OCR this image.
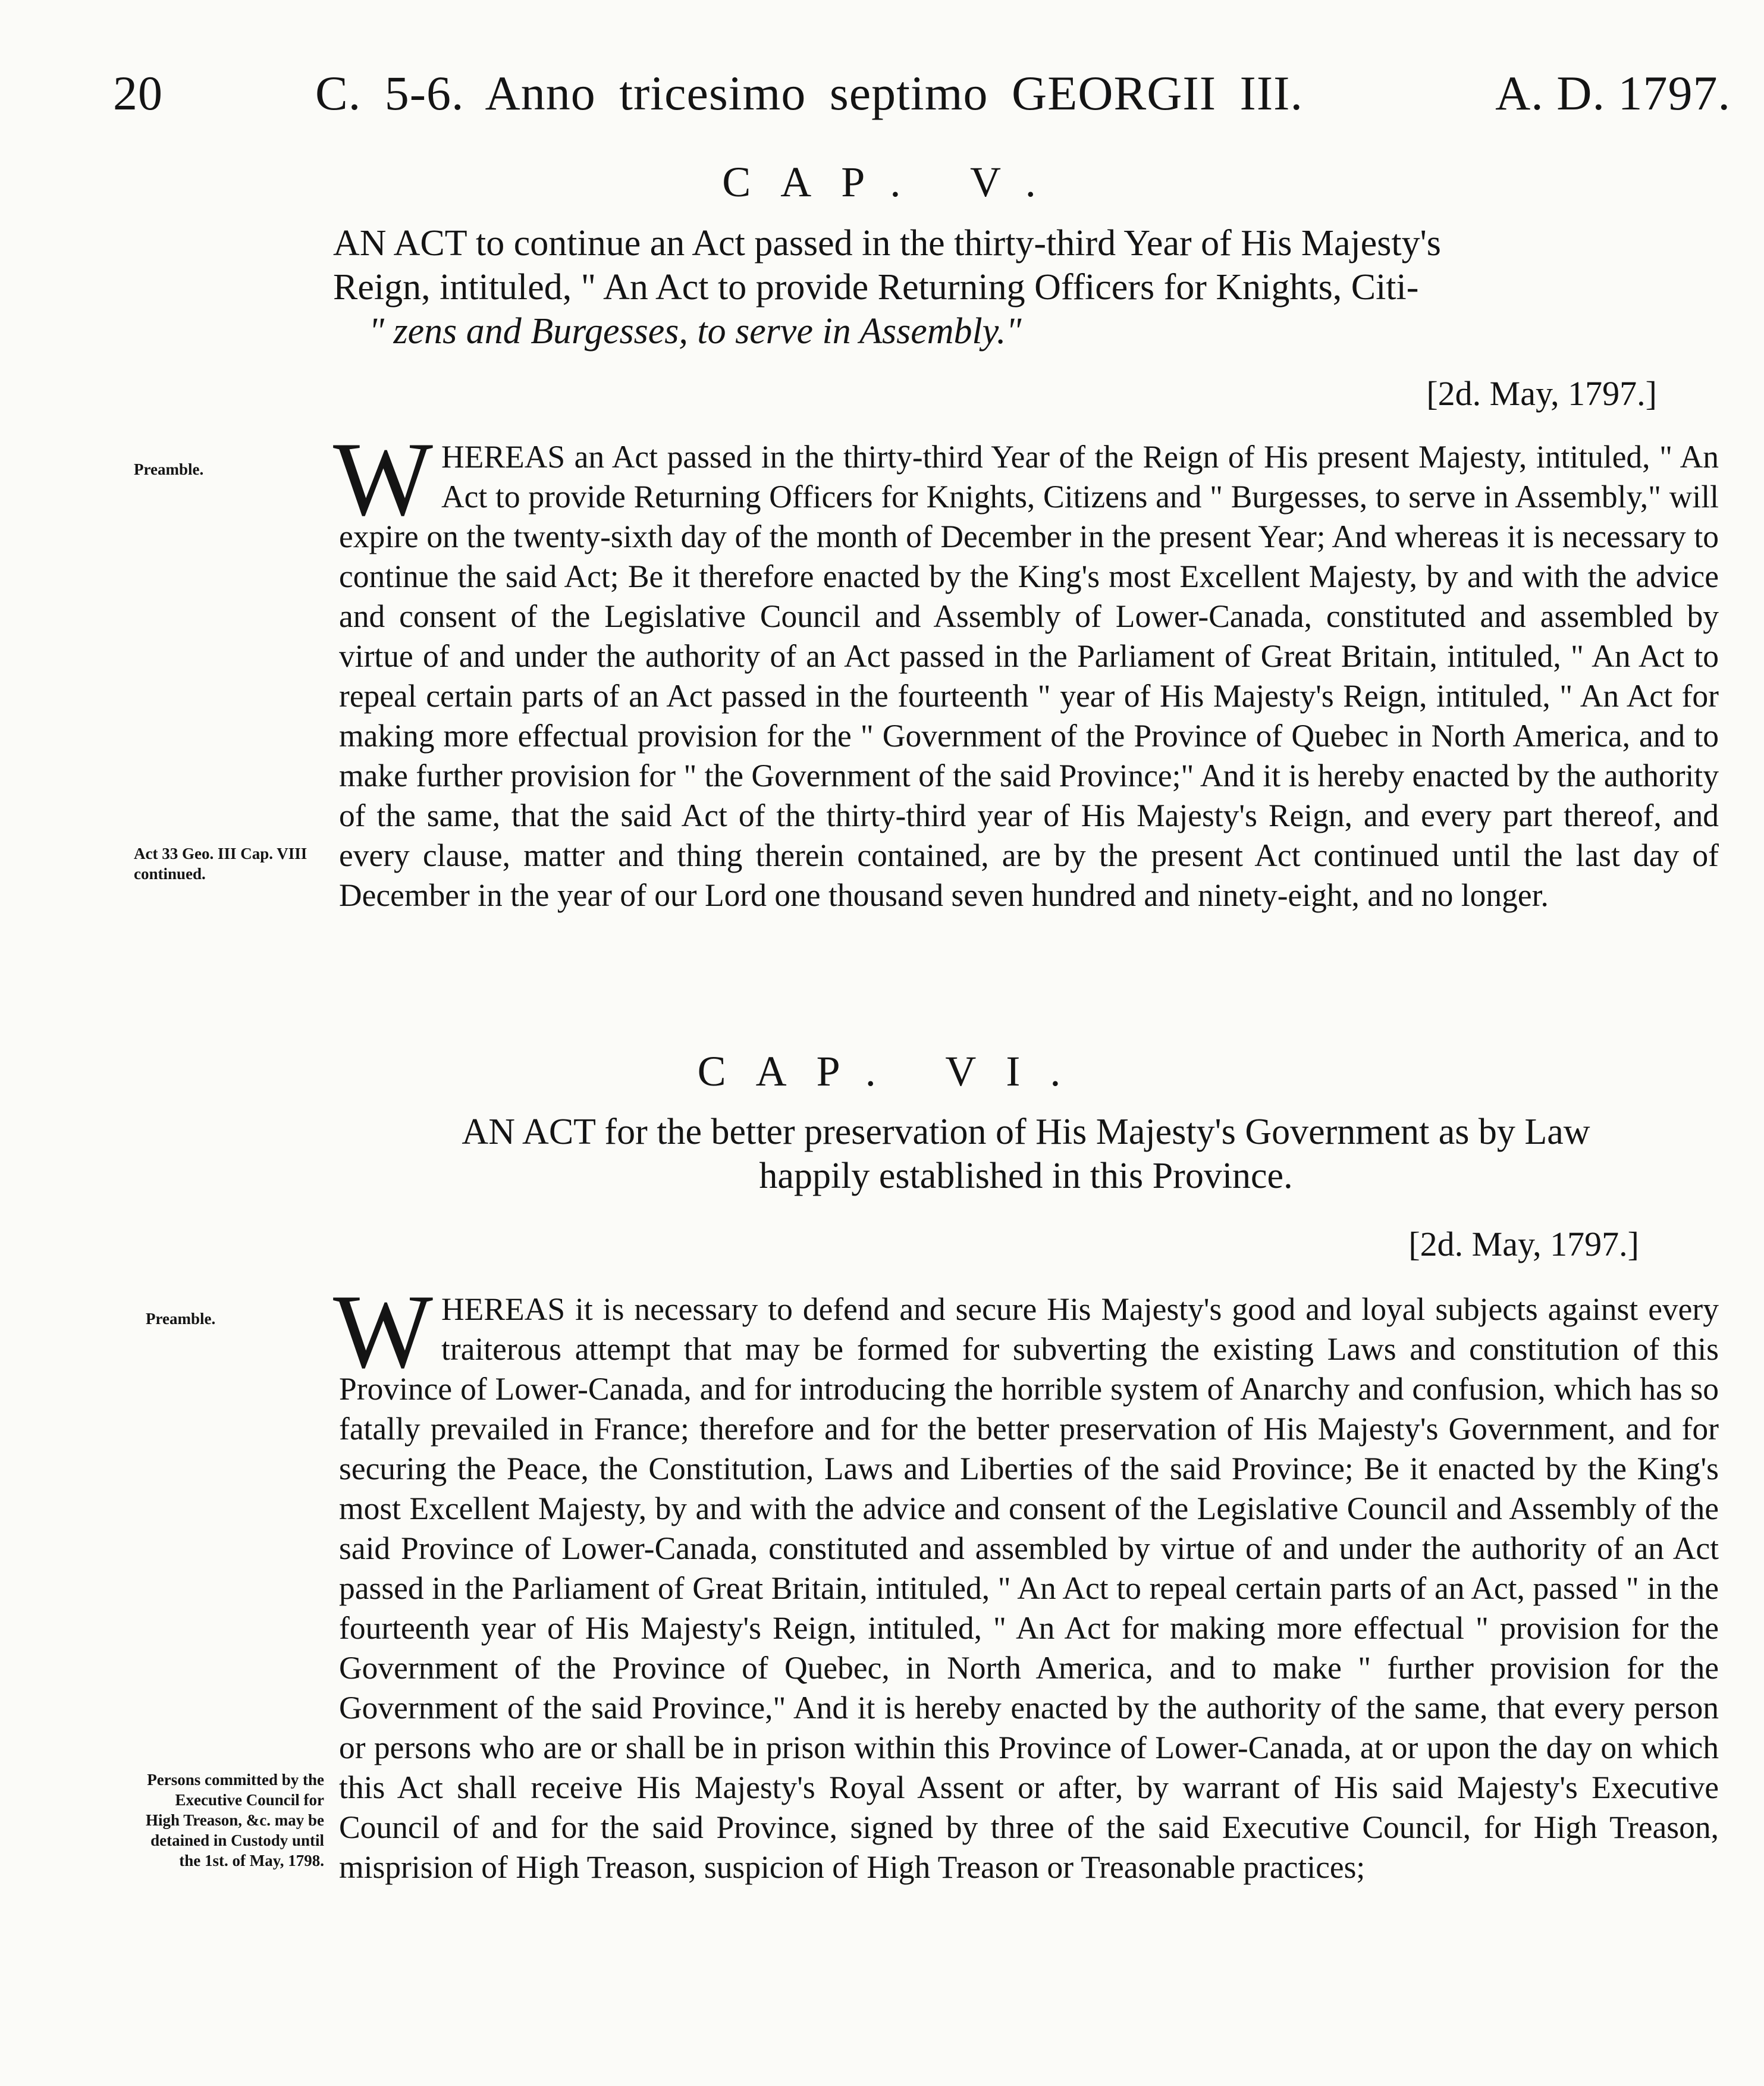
20	C. 5-6. Anno tricesimo septimo GEORGII III.	A. D. 1797.
CAP. V.
AN ACT to continue an Act passed in the thirty-third Year of His Majesty's
Reign, intituled, " An Act to provide Returning Officers for Knights, Citi-
" zens and Burgesses, to serve in Assembly."
[2d. May, 1797.]
Preamble.
Act 33 Geo. III Cap. VIII continued.
W HEREAS an Act passed in the thirty-third Year of the Reign of His present Majesty, intituled, " An Act to provide Returning Officers for Knights, Citizens and " Burgesses, to serve in Assembly," will expire on the twenty-sixth day of the month of December in the present Year; And whereas it is necessary to continue the said Act; Be it therefore enacted by the King's most Excellent Majesty, by and with the advice and consent of the Legislative Council and Assembly of Lower-Canada, constituted and assembled by virtue of and under the authority of an Act passed in the Parliament of Great Britain, intituled, " An Act to repeal certain parts of an Act passed in the fourteenth " year of His Majesty's Reign, intituled, " An Act for making more effectual provision for the " Government of the Province of Quebec in North America, and to make further provision for " the Government of the said Province;" And it is hereby enacted by the authority of the same, that the said Act of the thirty-third year of His Majesty's Reign, and every part thereof, and every clause, matter and thing therein contained, are by the present Act continued until the last day of December in the year of our Lord one thousand seven hundred and ninety-eight, and no longer.

CAP. VI.
AN ACT for the better preservation of His Majesty's Government as by Law
happily established in this Province.
[2d. May, 1797.]
Preamble.
Persons committed by the Executive Council for High Treason, &c. may be detained in Custody until the 1st. of May, 1798.
W HEREAS it is necessary to defend and secure His Majesty's good and loyal subjects against every traiterous attempt that may be formed for subverting the existing Laws and constitution of this Province of Lower-Canada, and for introducing the horrible system of Anarchy and confusion, which has so fatally prevailed in France; therefore and for the better preservation of His Majesty's Government, and for securing the Peace, the Constitution, Laws and Liberties of the said Province; Be it enacted by the King's most Excellent Majesty, by and with the advice and consent of the Legislative Council and Assembly of the said Province of Lower-Canada, constituted and assembled by virtue of and under the authority of an Act passed in the Parliament of Great Britain, intituled, " An Act to repeal certain parts of an Act, passed " in the fourteenth year of His Majesty's Reign, intituled, " An Act for making more effectual " provision for the Government of the Province of Quebec, in North America, and to make " further provision for the Government of the said Province," And it is hereby enacted by the authority of the same, that every person or persons who are or shall be in prison within this Province of Lower-Canada, at or upon the day on which this Act shall receive His Majesty's Royal Assent or after, by warrant of His said Majesty's Executive Council of and for the said Province, signed by three of the said Executive Council, for High Treason, misprision of High Treason, suspicion of High Treason or Treasonable practices;
